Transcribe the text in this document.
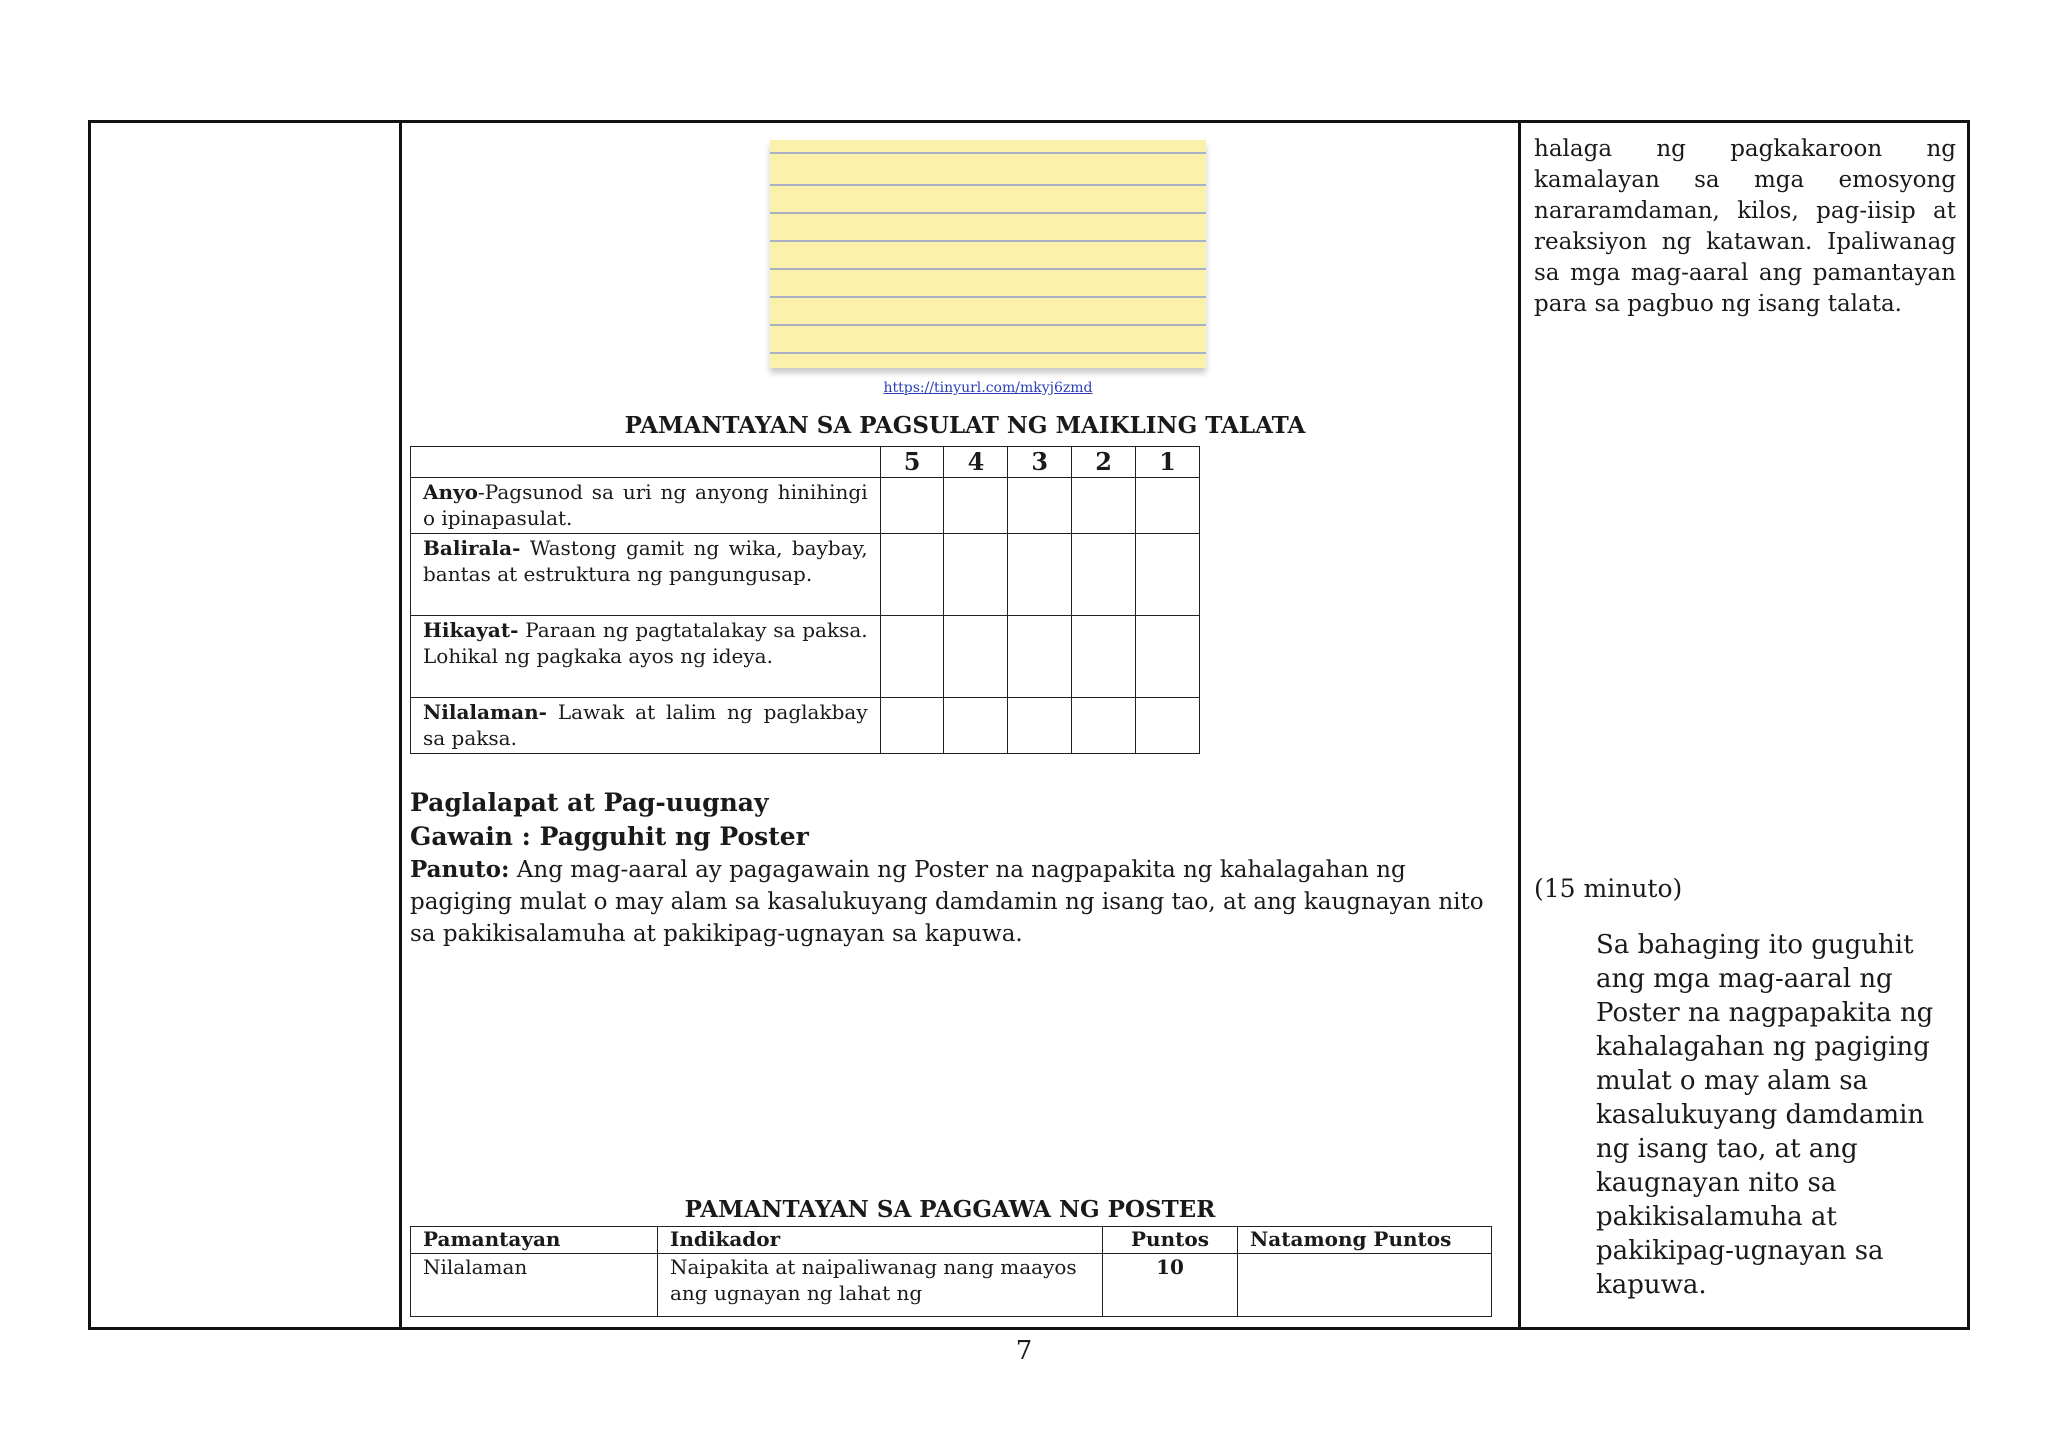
https://tinyurl.com/mkyj6zmd
PAMANTAYAN SA PAGSULAT NG MAIKLING TALATA
	5	4	3	2	1
Anyo-Pagsunod sa uri ng anyong hinihingi o ipinapasulat.					
Balirala- Wastong gamit ng wika, baybay, bantas at estruktura ng pangungusap.					
Hikayat- Paraan ng pagtatalakay sa paksa. Lohikal ng pagkaka ayos ng ideya.					
Nilalaman- Lawak at lalim ng paglakbay sa paksa.					
Paglalapat at Pag-uugnay
Gawain : Pagguhit ng Poster
Panuto: Ang mag-aaral ay pagagawain ng Poster na nagpapakita ng kahalagahan ng pagiging mulat o may alam sa kasalukuyang damdamin ng isang tao, at ang kaugnayan nito sa pakikisalamuha at pakikipag-ugnayan sa kapuwa.
PAMANTAYAN SA PAGGAWA NG POSTER
Pamantayan	Indikador	Puntos	Natamong Puntos
Nilalaman	Naipakita at naipaliwanag nang maayos ang ugnayan ng lahat ng	10	
halaga ng pagkakaroon ng kamalayan sa mga emosyong nararamdaman, kilos, pag-iisip at reaksiyon ng katawan. Ipaliwanag sa mga mag-aaral ang pamantayan para sa pagbuo ng isang talata.
(15 minuto)
Sa bahaging ito guguhit ang mga mag-aaral ng Poster na nagpapakita ng kahalagahan ng pagiging mulat o may alam sa kasalukuyang damdamin ng isang tao, at ang kaugnayan nito sa pakikisalamuha at pakikipag-ugnayan sa kapuwa.
7
